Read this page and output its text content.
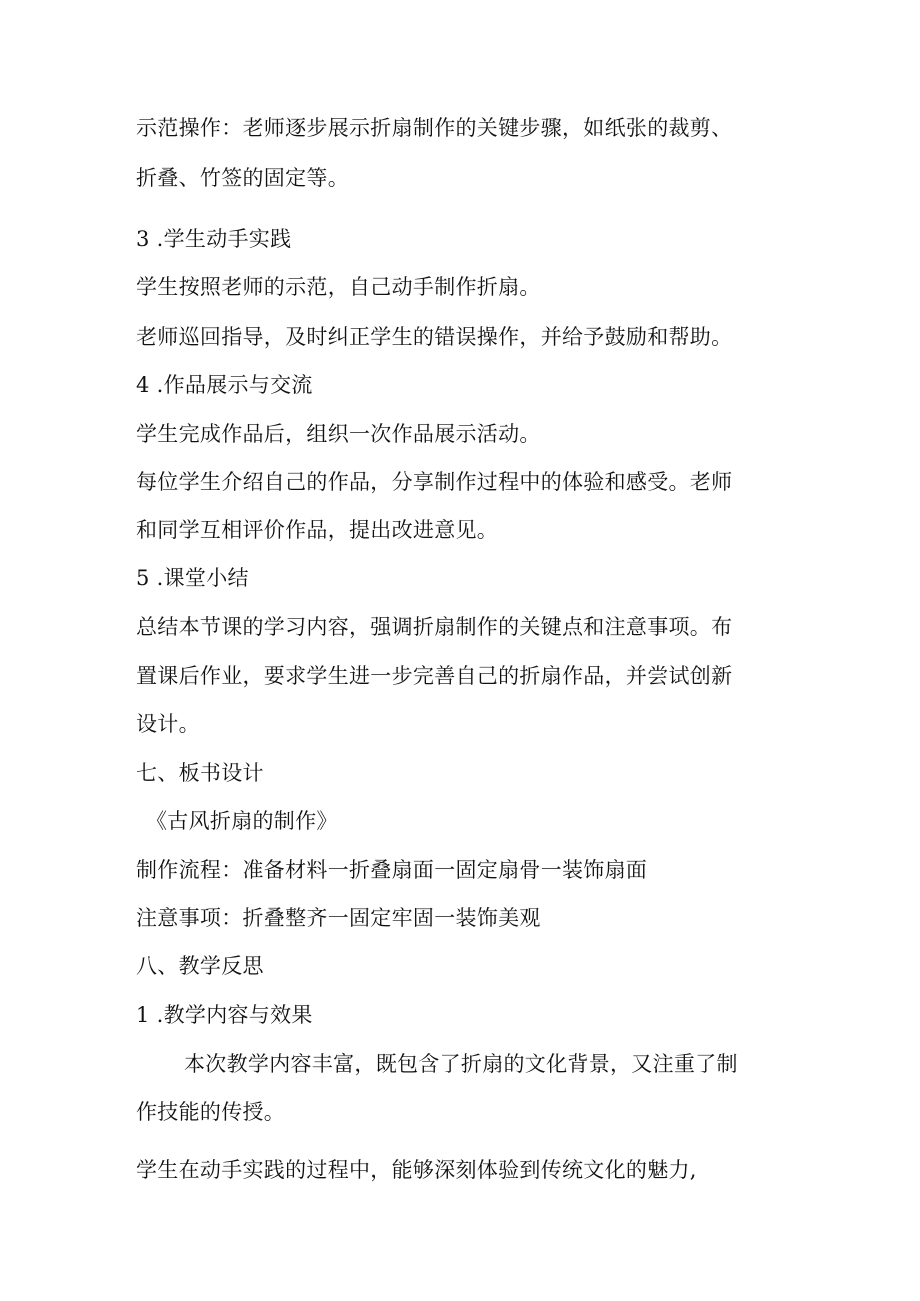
示范操作：老师逐步展示折扇制作的关键步骤，如纸张的裁剪、
折叠、竹签的固定等。
3 .学生动手实践
学生按照老师的示范，自己动手制作折扇。
老师巡回指导，及时纠正学生的错误操作，并给予鼓励和帮助。
4 .作品展示与交流
学生完成作品后，组织一次作品展示活动。
每位学生介绍自己的作品，分享制作过程中的体验和感受。老师
和同学互相评价作品，提出改进意见。
5 .课堂小结
总结本节课的学习内容，强调折扇制作的关键点和注意事项。布
置课后作业，要求学生进一步完善自己的折扇作品，并尝试创新
设计。
七、板书设计
《古风折扇的制作》
制作流程：准备材料一折叠扇面一固定扇骨一装饰扇面
注意事项：折叠整齐一固定牢固一装饰美观
八、教学反思
1 .教学内容与效果
本次教学内容丰富，既包含了折扇的文化背景，又注重了制
作技能的传授。
学生在动手实践的过程中，能够深刻体验到传统文化的魅力,
